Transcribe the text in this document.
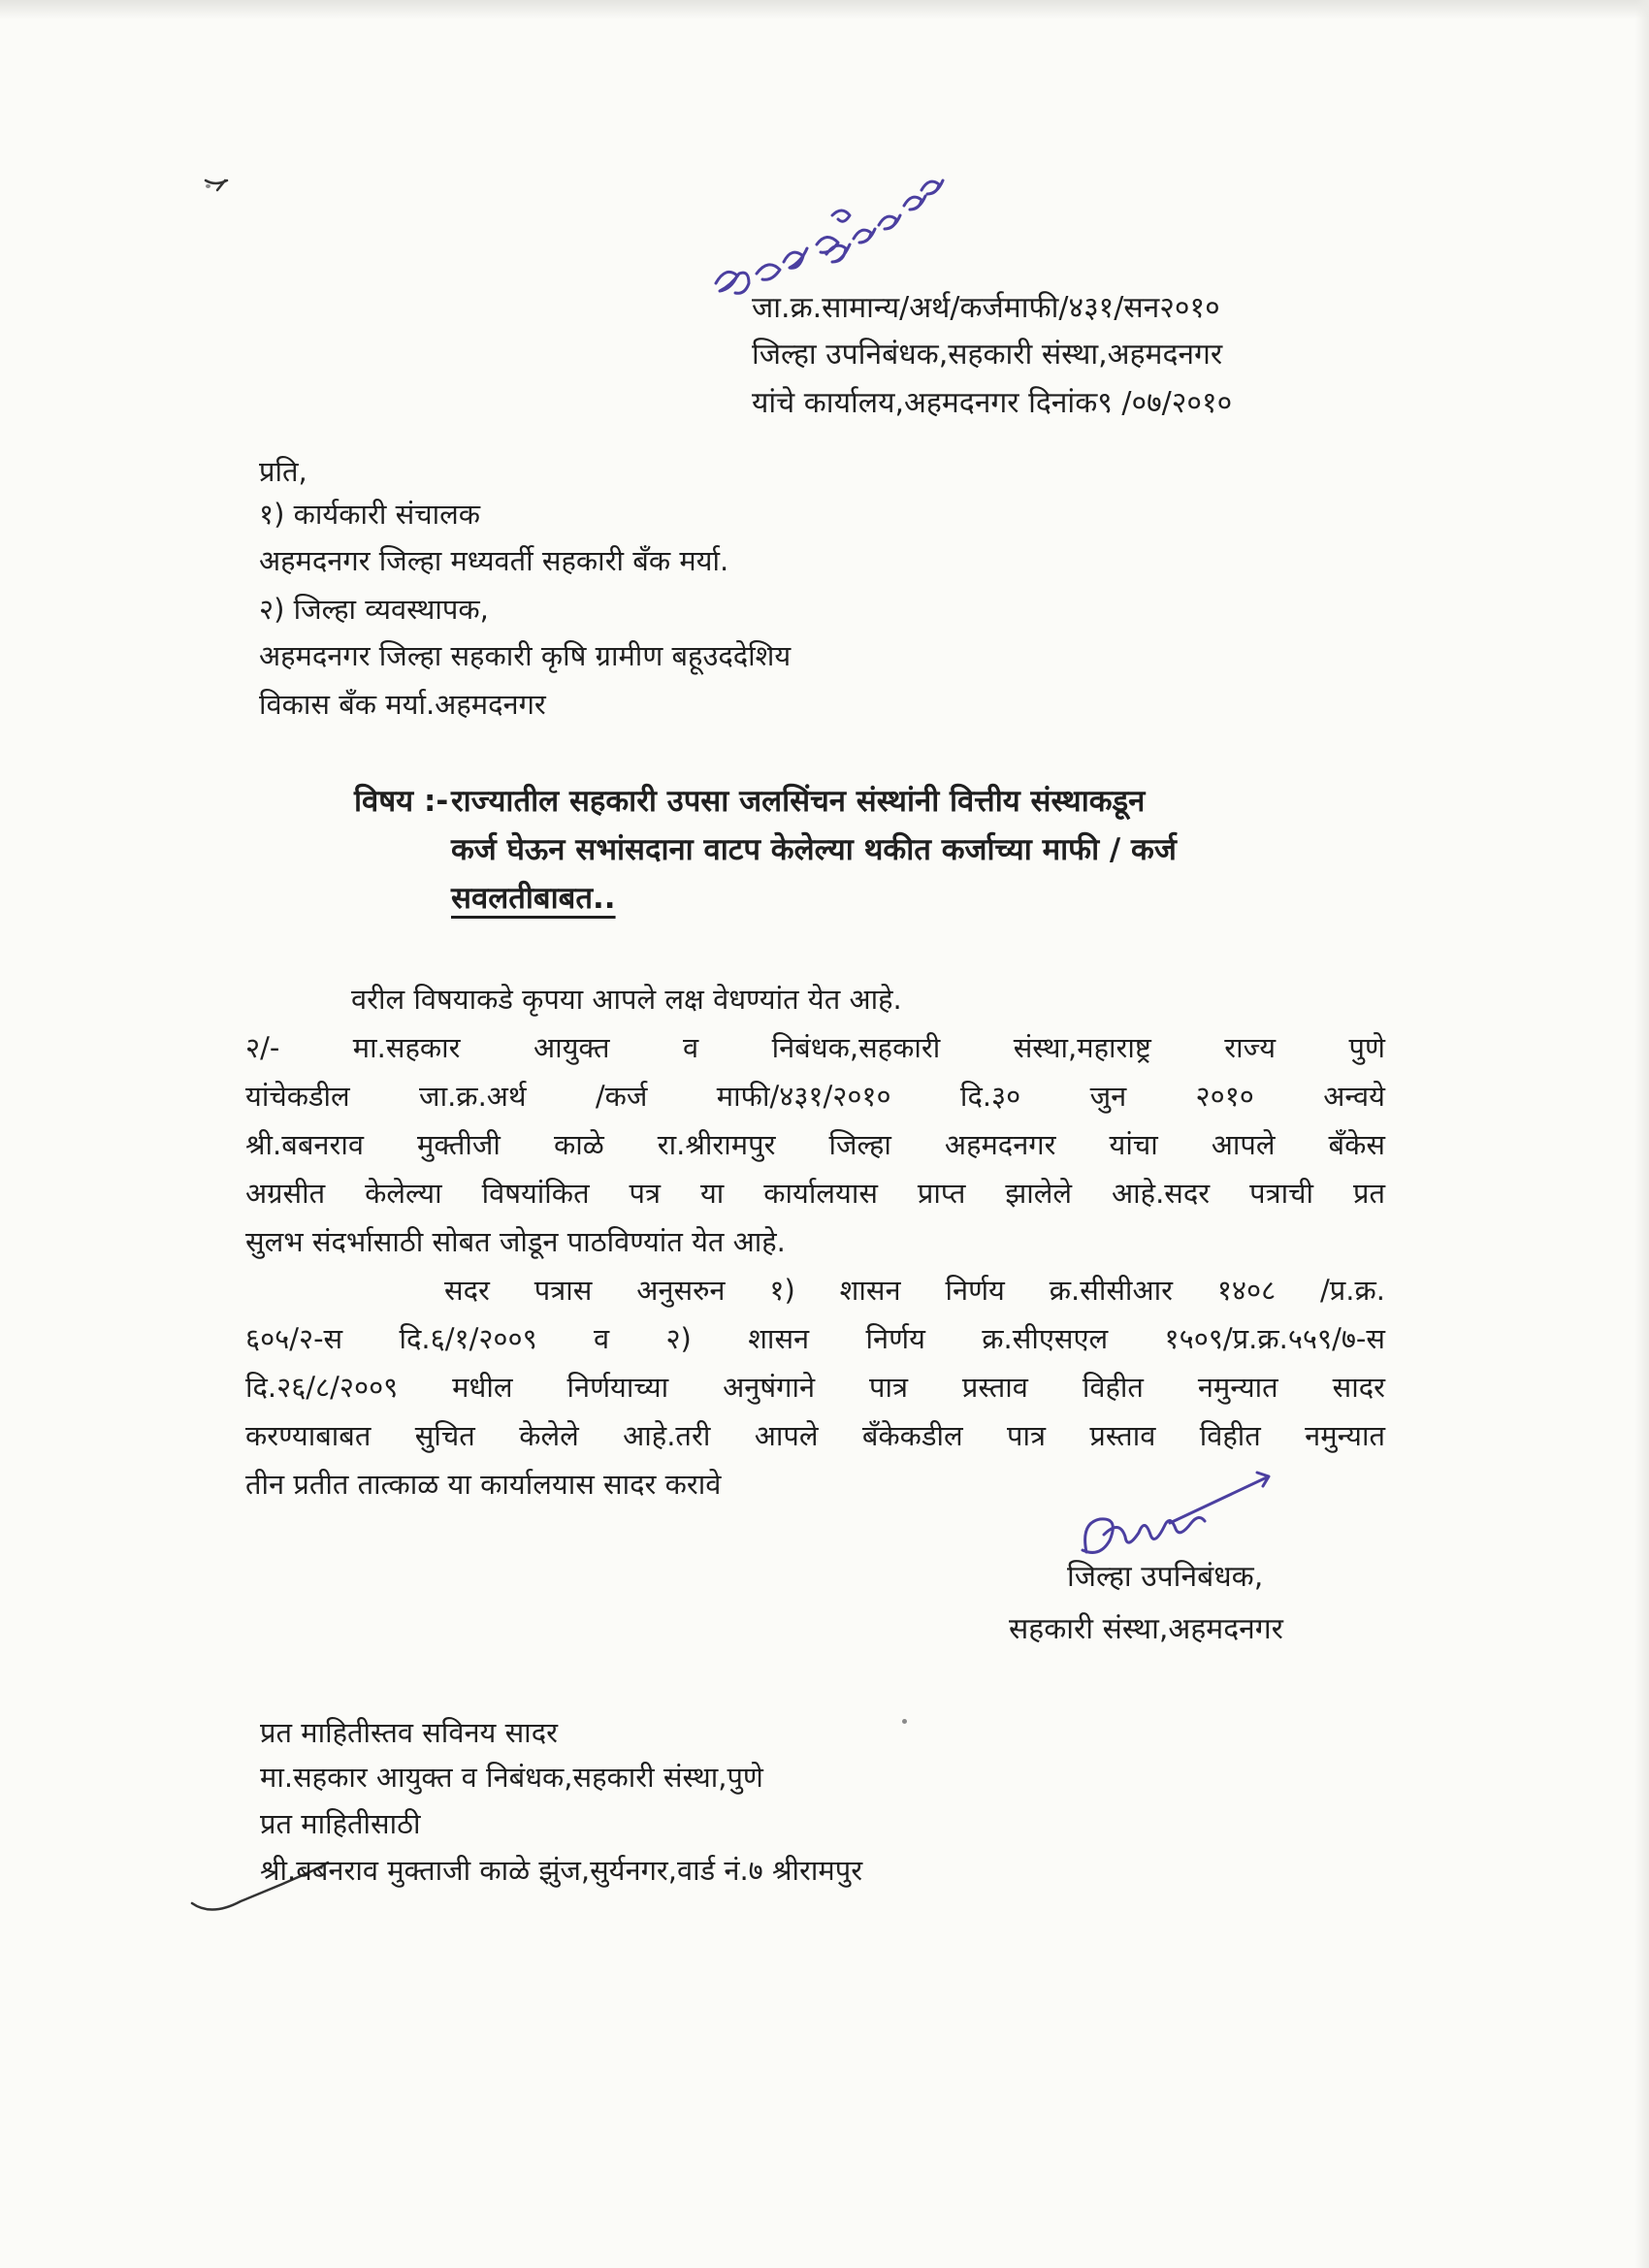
जा.क्र.सामान्य/अर्थ/कर्जमाफी/४३१/सन२०१०
जिल्हा उपनिबंधक,सहकारी संस्था,अहमदनगर
यांचे कार्यालय,अहमदनगर दिनांक९ /०७/२०१०
प्रति,
१) कार्यकारी संचालक
अहमदनगर जिल्हा मध्यवर्ती सहकारी बँक मर्या.
२) जिल्हा व्यवस्थापक,
अहमदनगर जिल्हा सहकारी कृषि ग्रामीण बहूउददेशिय
विकास बँक मर्या.अहमदनगर
विषय :- राज्यातील सहकारी उपसा जलसिंचन संस्थांनी वित्तीय संस्थाकडून
कर्ज घेऊन सभांसदाना वाटप केलेल्या थकीत कर्जाच्या माफी / कर्ज
सवलतीबाबत..
वरील विषयाकडे कृपया आपले लक्ष वेधण्यांत येत आहे.
२/- मा.सहकार आयुक्त व निबंधक,सहकारी संस्था,महाराष्ट्र राज्य पुणे
यांचेकडील जा.क्र.अर्थ /कर्ज माफी/४३१/२०१० दि.३० जुन २०१० अन्वये
श्री.बबनराव मुक्तीजी काळे रा.श्रीरामपुर जिल्हा अहमदनगर यांचा आपले बँकेस
अग्रसीत केलेल्या विषयांकित पत्र या कार्यालयास प्राप्त झालेले आहे.सदर पत्राची प्रत
सुलभ संदर्भासाठी सोबत जोडून पाठविण्यांत येत आहे.
सदर पत्रास अनुसरुन १) शासन निर्णय क्र.सीसीआर १४०८ /प्र.क्र.
६०५/२-स दि.६/१/२००९ व २) शासन निर्णय क्र.सीएसएल १५०९/प्र.क्र.५५९/७-स
दि.२६/८/२००९ मधील निर्णयाच्या अनुषंगाने पात्र प्रस्ताव विहीत नमुन्यात सादर
करण्याबाबत सुचित केलेले आहे.तरी आपले बँकेकडील पात्र प्रस्ताव विहीत नमुन्यात
तीन प्रतीत तात्काळ या कार्यालयास सादर करावे
जिल्हा उपनिबंधक,
सहकारी संस्था,अहमदनगर
प्रत माहितीस्तव सविनय सादर
मा.सहकार आयुक्त व निबंधक,सहकारी संस्था,पुणे
प्रत माहितीसाठी
श्री.बबनराव मुक्ताजी काळे झुंज,सुर्यनगर,वार्ड नं.७ श्रीरामपुर
